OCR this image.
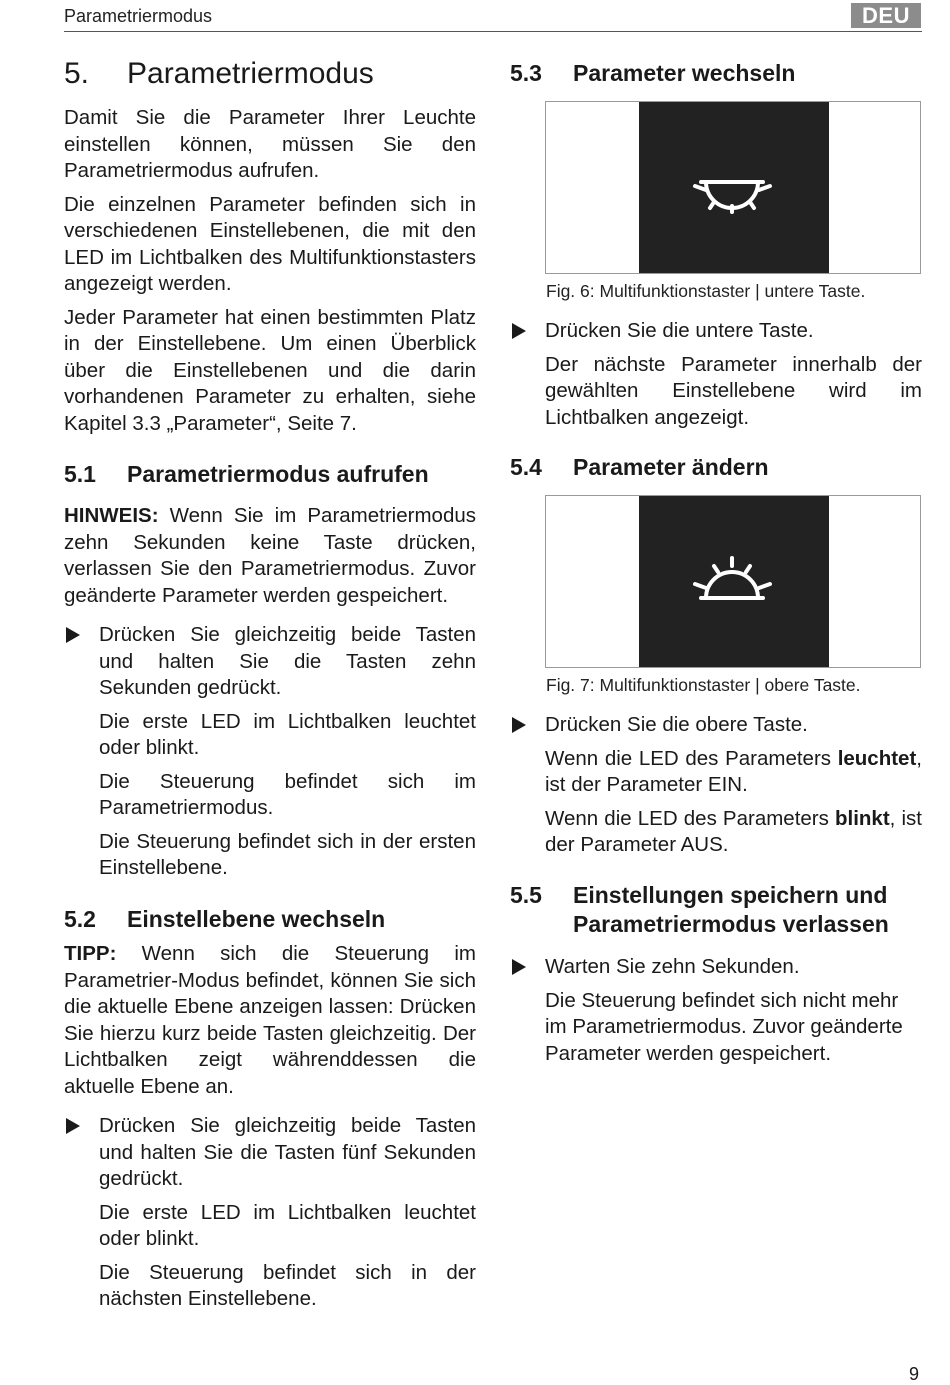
Parametriermodus	DEU
5. Parametriermodus

Damit Sie die Parameter Ihrer Leuchte einstellen können, müssen Sie den Parametriermodus aufrufen.

Die einzelnen Parameter befinden sich in verschiedenen Einstellebenen, die mit den LED im Lichtbalken des Multifunktionstasters angezeigt werden.

Jeder Parameter hat einen bestimmten Platz in der Einstellebene. Um einen Überblick über die Einstellebenen und die darin vorhandenen Parameter zu erhalten, siehe Kapitel 3.3 „Parameter“, Seite 7.

5.1 Parametriermodus aufrufen

HINWEIS: Wenn Sie im Parametriermodus zehn Sekunden keine Taste drücken, verlassen Sie den Parametriermodus. Zuvor geänderte Parameter werden gespeichert.

Drücken Sie gleichzeitig beide Tasten und halten Sie die Tasten zehn Sekunden gedrückt.

Die erste LED im Lichtbalken leuchtet oder blinkt.

Die Steuerung befindet sich im Parametriermodus.

Die Steuerung befindet sich in der ersten Einstellebene.

5.2 Einstellebene wechseln

TIPP: Wenn sich die Steuerung im Parametrier-Modus befindet, können Sie sich die aktuelle Ebene anzeigen lassen: Drücken Sie hierzu kurz beide Tasten gleichzeitig. Der Lichtbalken zeigt währenddessen die aktuelle Ebene an.

Drücken Sie gleichzeitig beide Tasten und halten Sie die Tasten fünf Sekunden gedrückt.

Die erste LED im Lichtbalken leuchtet oder blinkt.

Die Steuerung befindet sich in der nächsten Einstellebene.

5.3 Parameter wechseln
Fig. 6: Multifunktionstaster | untere Taste.

Drücken Sie die untere Taste.

Der nächste Parameter innerhalb der gewählten Einstellebene wird im Lichtbalken angezeigt.

5.4 Parameter ändern
Fig. 7: Multifunktionstaster | obere Taste.

Drücken Sie die obere Taste.

Wenn die LED des Parameters leuchtet, ist der Parameter EIN.

Wenn die LED des Parameters blinkt, ist der Parameter AUS.

5.5 Einstellungen speichern und
Parametriermodus verlassen

Warten Sie zehn Sekunden.

Die Steuerung befindet sich nicht mehr im Parametriermodus. Zuvor geänderte Parameter werden gespeichert.

9
